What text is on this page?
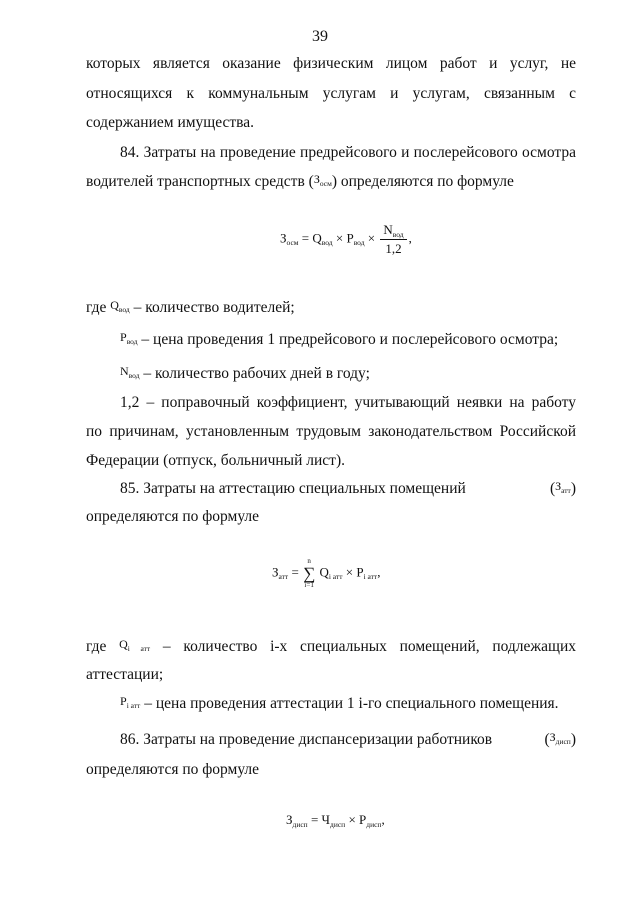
39
которых является оказание физическим лицом работ и услуг, не
относящихся к коммунальным услугам и услугам, связанным с
содержанием имущества.
84. Затраты на проведение предрейсового и послерейсового осмотра
водителей транспортных средств $(З_{осм})$ определяются по формуле
$З_{осм} = Q_{вод} \times P_{вод} \times \frac{N_{вод}}{1,2}$ ,
где $Q_{вод}$ – количество водителей;
$P_{вод}$ – цена проведения 1 предрейсового и послерейсового осмотра;
$N_{вод}$ – количество рабочих дней в году;
1,2 – поправочный коэффициент, учитывающий неявки на работу
по причинам, установленным трудовым законодательством Российской
Федерации (отпуск, больничный лист).
85. Затраты на аттестацию специальных помещений	$(З_{атт})$
определяются по формуле
$З_{атт}$ =
n
∑
i=1
$Q_{i атт} \times P_{i атт}$,
где $Q_{i атт}$ – количество i-х специальных помещений, подлежащих
аттестации;
$P_{i атт}$ – цена проведения аттестации 1 i-го специального помещения.
86. Затраты на проведение диспансеризации работников	$(З_{дисп})$
определяются по формуле
$З_{дисп} = Ч_{дисп} \times P_{дисп}$,
